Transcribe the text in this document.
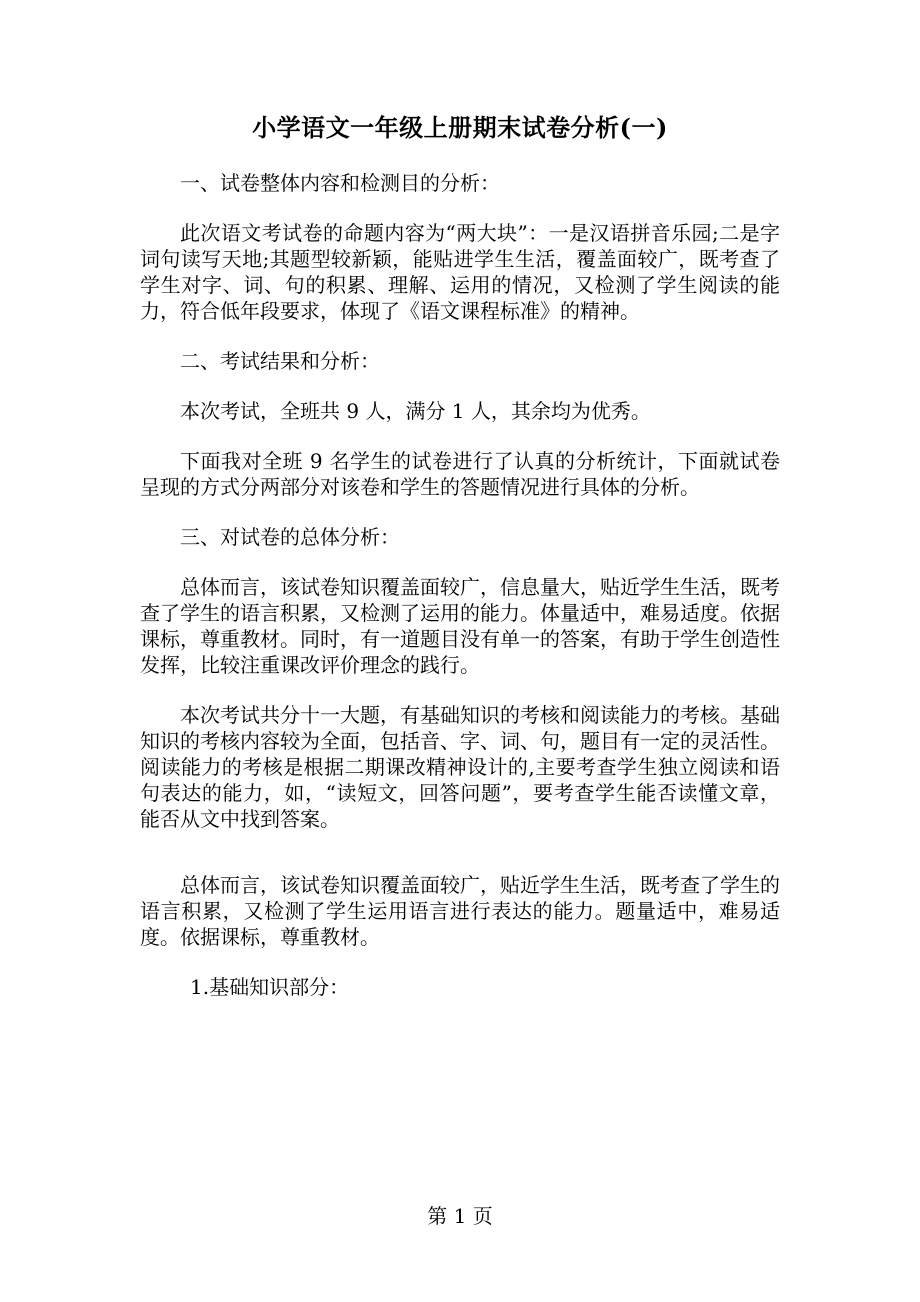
小学语文一年级上册期末试卷分析(一)

一、试卷整体内容和检测目的分析：

此次语文考试卷的命题内容为“两大块”：一是汉语拼音乐园;二是字词句读写天地;其题型较新颖，能贴进学生生活，覆盖面较广，既考查了学生对字、词、句的积累、理解、运用的情况，又检测了学生阅读的能力，符合低年段要求，体现了《语文课程标准》的精神。

二、考试结果和分析：

本次考试，全班共 9 人，满分 1 人，其余均为优秀。

下面我对全班 9 名学生的试卷进行了认真的分析统计，下面就试卷呈现的方式分两部分对该卷和学生的答题情况进行具体的分析。

三、对试卷的总体分析：

总体而言，该试卷知识覆盖面较广，信息量大，贴近学生生活，既考查了学生的语言积累，又检测了运用的能力。体量适中，难易适度。依据课标，尊重教材。同时，有一道题目没有单一的答案，有助于学生创造性发挥，比较注重课改评价理念的践行。

本次考试共分十一大题，有基础知识的考核和阅读能力的考核。基础知识的考核内容较为全面，包括音、字、词、句，题目有一定的灵活性。阅读能力的考核是根据二期课改精神设计的,主要考查学生独立阅读和语句表达的能力，如，“读短文，回答问题”，要考查学生能否读懂文章，能否从文中找到答案。

总体而言，该试卷知识覆盖面较广，贴近学生生活，既考查了学生的语言积累，又检测了学生运用语言进行表达的能力。题量适中，难易适度。依据课标，尊重教材。

1.基础知识部分：

第 1 页
